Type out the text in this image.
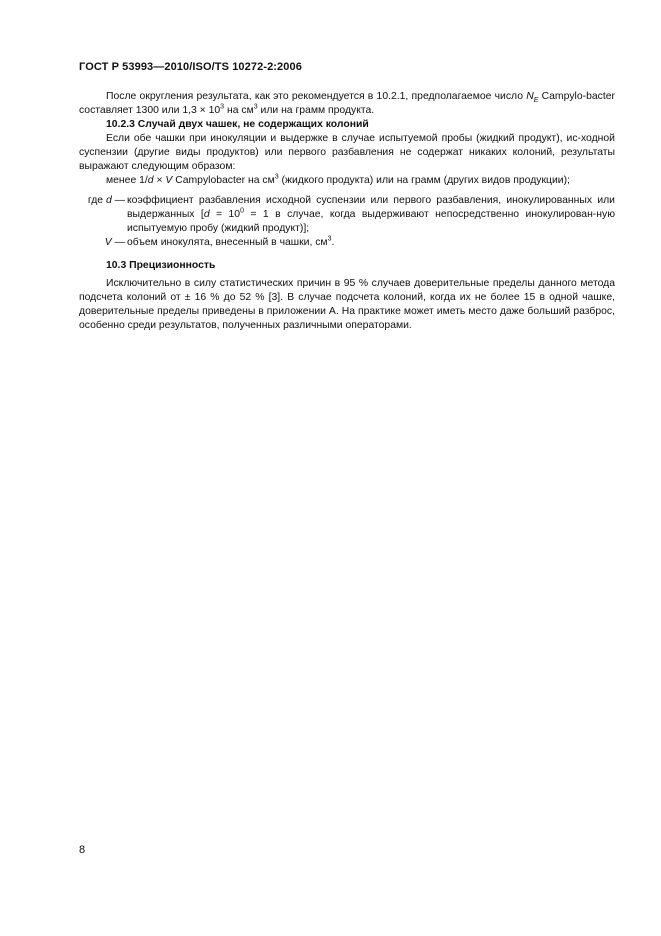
ГОСТ Р 53993—2010/ISO/TS 10272-2:2006

После округления результата, как это рекомендуется в 10.2.1, предполагаемое число $N_E$ Campylo-bacter составляет 1300 или $1,3 \times 10^3$ на $см^3$ или на грамм продукта.

10.2.3 Случай двух чашек, не содержащих колоний

Если обе чашки при инокуляции и выдержке в случае испытуемой пробы (жидкий продукт), ис-ходной суспензии (другие виды продуктов) или первого разбавления не содержат никаких колоний, результаты выражают следующим образом:

менее 1/d × V Campylobacter на $см^3$ (жидкого продукта) или на грамм (других видов продукции);

где d — коэффициент разбавления исходной суспензии или первого разбавления, инокулированных или выдержанных [$d = 10^0 = 1$ в случае, когда выдерживают непосредственно инокулирован-ную испытуемую пробу (жидкий продукт)];
V — объем инокулята, внесенный в чашки, $см^3$.

10.3 Прецизионность

Исключительно в силу статистических причин в 95 % случаев доверительные пределы данного метода подсчета колоний от ± 16 % до 52 % [3]. В случае подсчета колоний, когда их не более 15 в одной чашке, доверительные пределы приведены в приложении А. На практике может иметь место даже больший разброс, особенно среди результатов, полученных различными операторами.

8
